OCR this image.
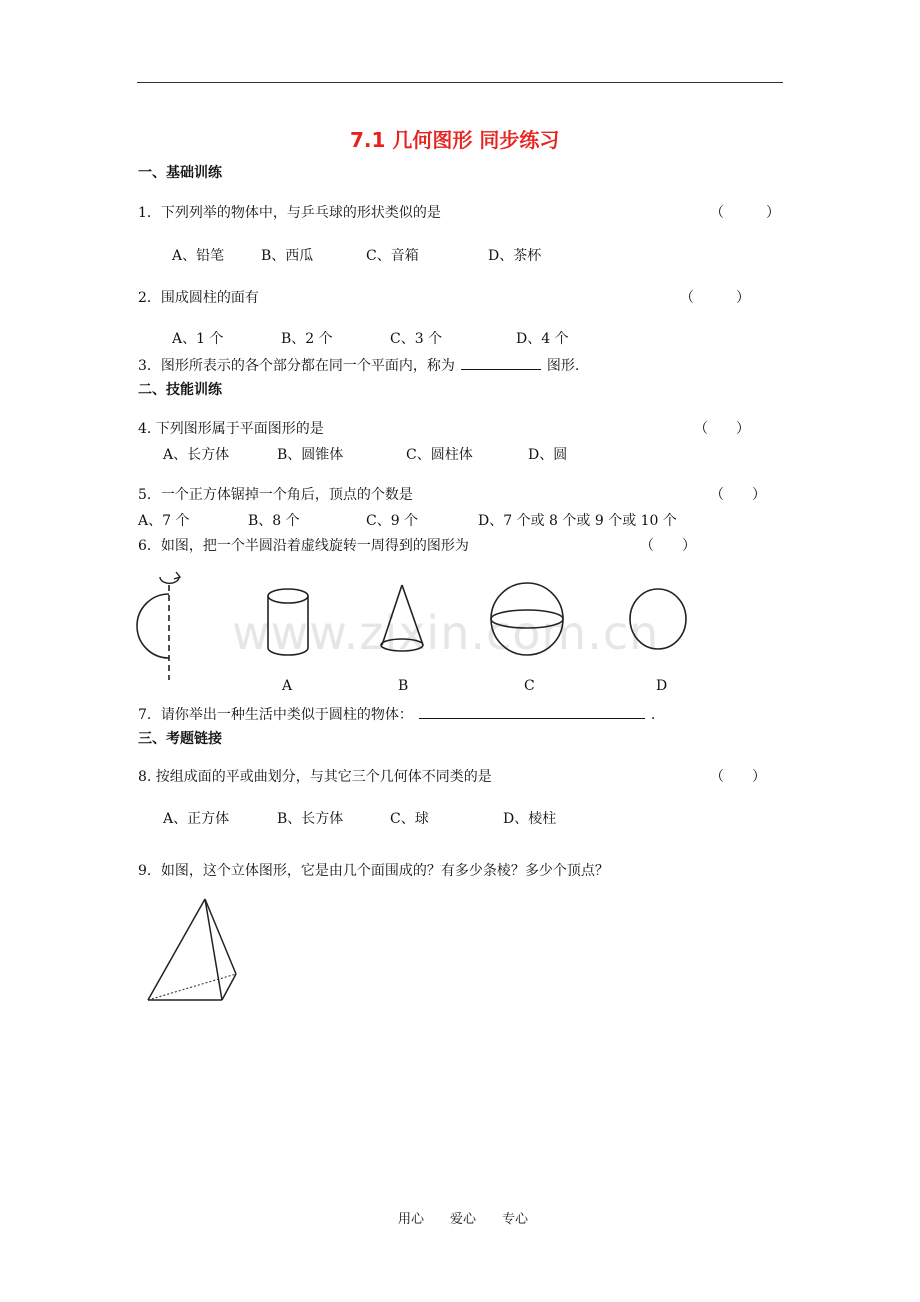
7.1 几何图形 同步练习
一、基础训练
1．下列列举的物体中，与乒乓球的形状类似的是	（　　　）
A、铅笔	B、西瓜	C、音箱	D、茶杯
2．围成圆柱的面有	（　　　）
A、1 个	B、2 个	C、3 个	D、4 个
3．图形所表示的各个部分都在同一个平面内，称为	图形.
二、技能训练
4. 下列图形属于平面图形的是	（　　）
A、长方体	B、圆锥体	C、圆柱体	D、圆
5．一个正方体锯掉一个角后，顶点的个数是	（　　）
A、7 个	B、8 个	C、9 个	D、7 个或 8 个或 9 个或 10 个
6．如图，把一个半圆沿着虚线旋转一周得到的图形为	（　　）
www.zixin.com.cn
A	B	C	D
7．请你举出一种生活中类似于圆柱的物体：	.
三、考题链接
8. 按组成面的平或曲划分，与其它三个几何体不同类的是	（　　）
A、正方体	B、长方体	C、球	D、棱柱
9．如图，这个立体图形，它是由几个面围成的？有多少条棱？多少个顶点？
用心　　爱心　　专心
